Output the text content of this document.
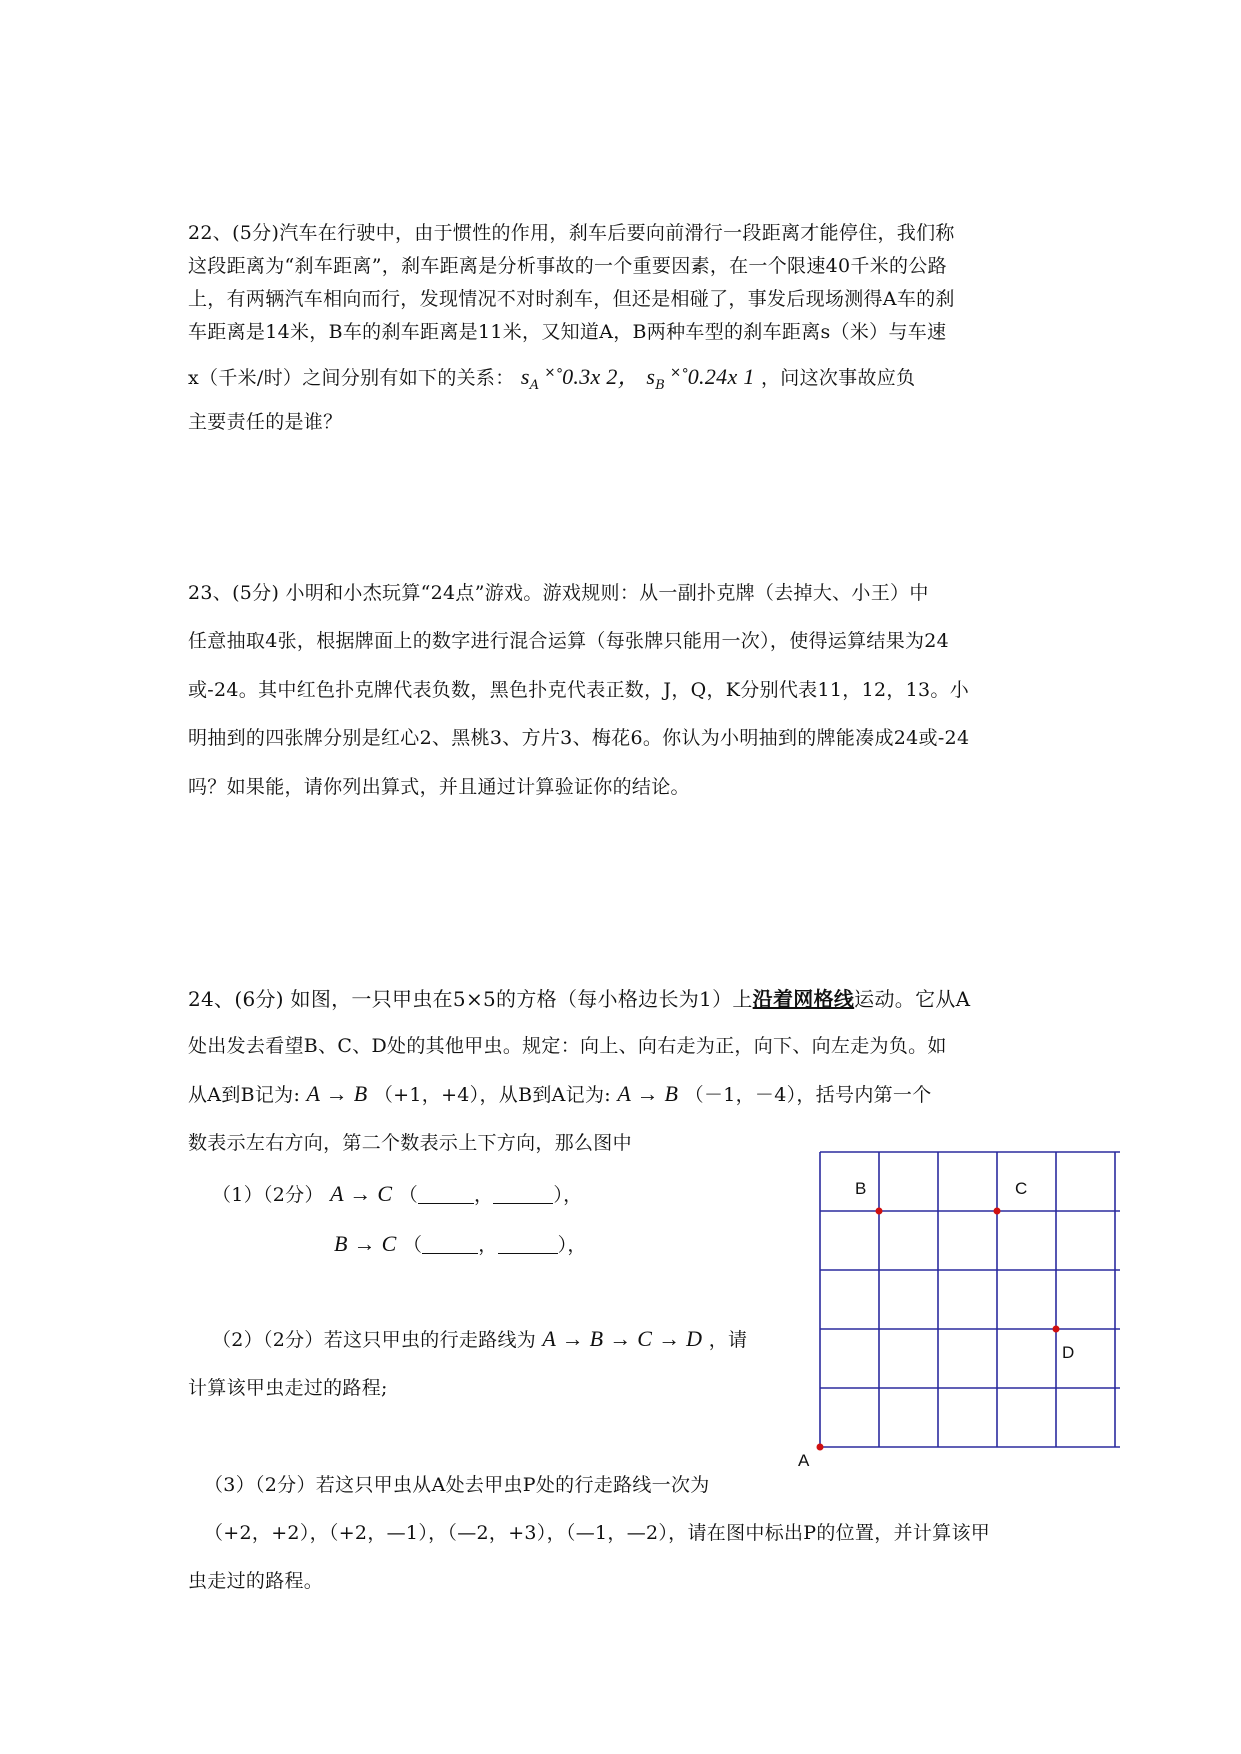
22、(5分)汽车在行驶中，由于惯性的作用，刹车后要向前滑行一段距离才能停住，我们称
这段距离为“刹车距离”，刹车距离是分析事故的一个重要因素，在一个限速40千米的公路
上，有两辆汽车相向而行，发现情况不对时刹车，但还是相碰了，事发后现场测得A车的刹
车距离是14米，B车的刹车距离是11米，又知道A，B两种车型的刹车距离s（米）与车速
x（千米/时）之间分别有如下的关系： $s_A$ ˟˚0.3x 2， $s_B$ ˟˚0.24x 1 ，问这次事故应负
主要责任的是谁？
23、(5分) 小明和小杰玩算“24点”游戏。游戏规则：从一副扑克牌（去掉大、小王）中
任意抽取4张，根据牌面上的数字进行混合运算（每张牌只能用一次），使得运算结果为24
或-24。其中红色扑克牌代表负数，黑色扑克代表正数，J，Q，K分别代表11，12，13。小
明抽到的四张牌分别是红心2、黑桃3、方片3、梅花6。你认为小明抽到的牌能凑成24或-24
吗？如果能，请你列出算式，并且通过计算验证你的结论。
24、(6分) 如图，一只甲虫在5×5的方格（每小格边长为1）上沿着网格线运动。它从A
处出发去看望B、C、D处的其他甲虫。规定：向上、向右走为正，向下、向左走为负。如
从A到B记为: A → B （+1，+4），从B到A记为: A → B （－1，－4），括号内第一个
数表示左右方向，第二个数表示上下方向，那么图中
（1）（2分） A → C （	，	），
B → C （	，	），
（2）（2分）若这只甲虫的行走路线为 A → B → C → D ，请
计算该甲虫走过的路程;
（3）（2分）若这只甲虫从A处去甲虫P处的行走路线一次为
（+2，+2），（+2，—1），（—2，+3），（—1，—2），请在图中标出P的位置，并计算该甲
虫走过的路程。
A
B	C
D
